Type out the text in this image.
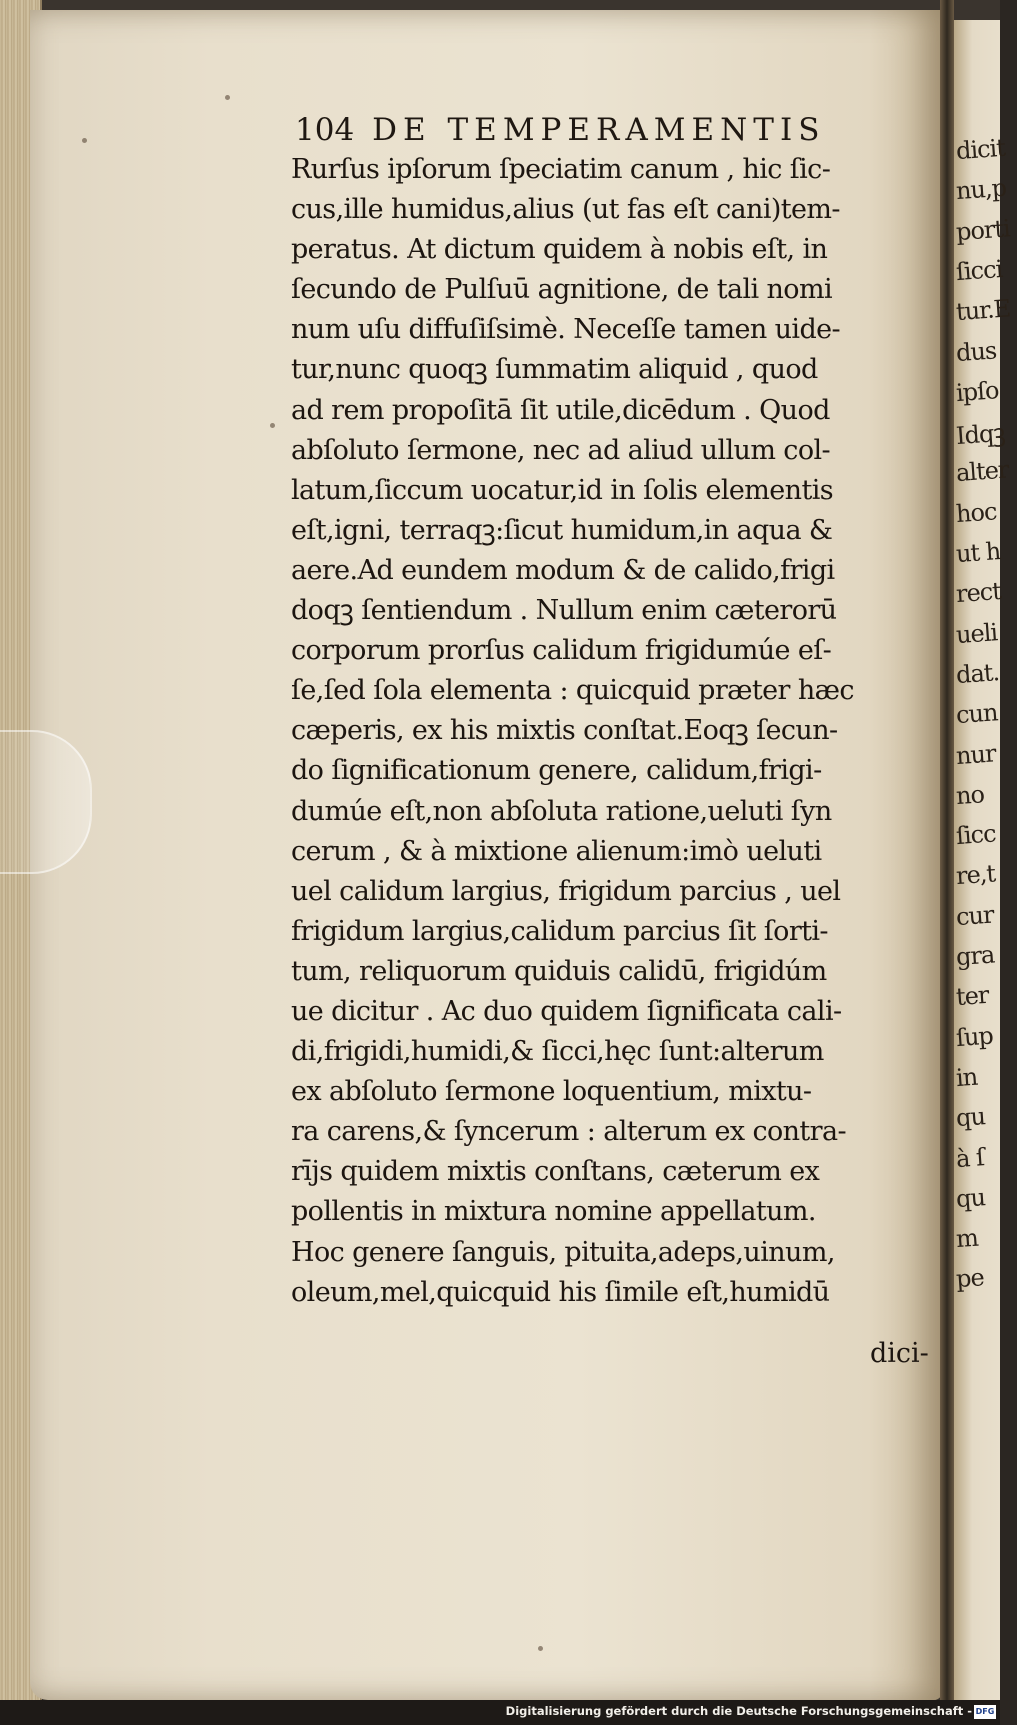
dicit
nu,p
porti
ſicci
tur.E
dus
ipſo
Idqꝫ
alter
hoc
ut h
rect
ueli
dat.
cun
nur
no
ſicc
re,t
cur
gra
ter
ſup
in
qu
à ſ
qu
m
pe
104 DE TEMPERAMENTIS
Rurſus ipſorum ſpeciatim canum , hic ſic-
cus,ille humidus,alius (ut fas eſt cani)tem-
peratus. At dictum quidem à nobis eſt, in
ſecundo de Pulſuū agnitione, de tali nomi
num uſu diffuſiſsimè. Neceſſe tamen uide-
tur,nunc quoqꝫ ſummatim aliquid , quod
ad rem propoſitā ſit utile,dicēdum . Quod
abſoluto ſermone, nec ad aliud ullum col-
latum,ſiccum uocatur,id in ſolis elementis
eſt,igni, terraqꝫ:ſicut humidum,in aqua &
aere.Ad eundem modum & de calido,frigi
doqꝫ ſentiendum . Nullum enim cæterorū
corporum prorſus calidum frigidumúe eſ-
ſe,ſed ſola elementa : quicquid præter hæc
cæperis, ex his mixtis conſtat.Eoqꝫ ſecun-
do ſignificationum genere, calidum,frigi-
dumúe eſt,non abſoluta ratione,ueluti ſyn
cerum , & à mixtione alienum:imò ueluti
uel calidum largius, frigidum parcius , uel
frigidum largius,calidum parcius ſit ſorti-
tum, reliquorum quiduis calidū, frigidúm
ue dicitur . Ac duo quidem ſignificata cali-
di,frigidi,humidi,& ſicci,hęc ſunt:alterum
ex abſoluto ſermone loquentium, mixtu-
ra carens,& ſyncerum : alterum ex contra-
rījs quidem mixtis conſtans, cæterum ex
pollentis in mixtura nomine appellatum.
Hoc genere ſanguis, pituita,adeps,uinum,
oleum,mel,quicquid his ſimile eſt,humidū
dici-
Digitalisierung gefördert durch die Deutsche Forschungsgemeinschaft - DFG
